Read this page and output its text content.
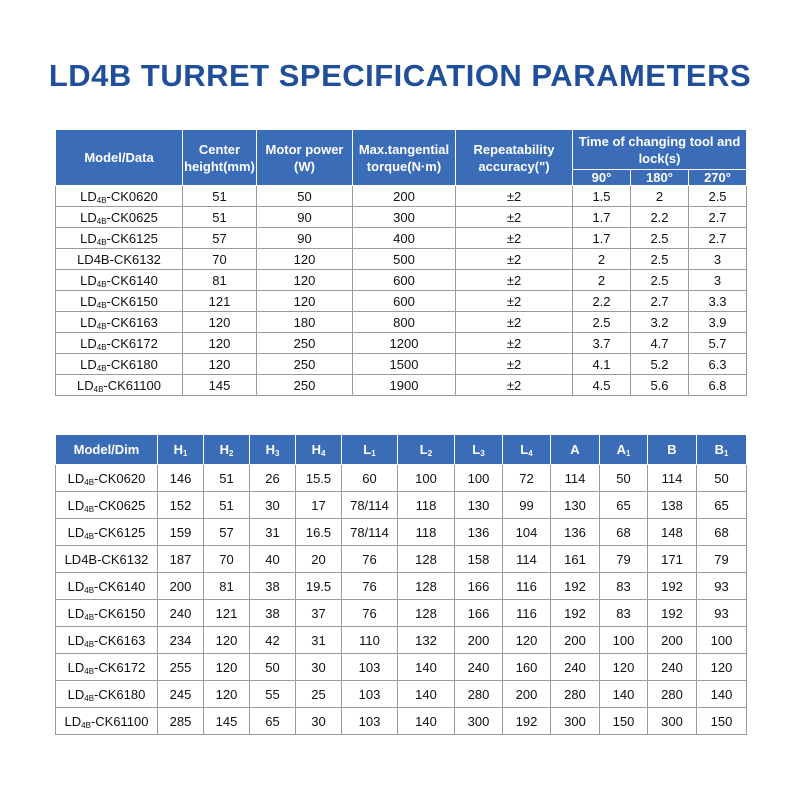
LD4B TURRET SPECIFICATION PARAMETERS
Model/Data	Center height(mm)	Motor power (W)	Max.tangential torque(N·m)	Repeatability accuracy(")	Time of changing tool and lock(s)		
					90°	180°	270°
$LD_{4B}-CK0620$	51	50	200	±2	1.5	2	2.5
$LD_{4B}-CK0625$	51	90	300	±2	1.7	2.2	2.7
$LD_{4B}-CK6125$	57	90	400	±2	1.7	2.5	2.7
LD4B-CK6132	70	120	500	±2	2	2.5	3
$LD_{4B}-CK6140$	81	120	600	±2	2	2.5	3
$LD_{4B}-CK6150$	121	120	600	±2	2.2	2.7	3.3
$LD_{4B}-CK6163$	120	180	800	±2	2.5	3.2	3.9
$LD_{4B}-CK6172$	120	250	1200	±2	3.7	4.7	5.7
$LD_{4B}-CK6180$	120	250	1500	±2	4.1	5.2	6.3
$LD_{4B}-CK61100$	145	250	1900	±2	4.5	5.6	6.8
Model/Dim	$H_1$	$H_2$	$H_3$	$H_4$	$L_1$	$L_2$	$L_3$	$L_4$	A	$A_1$	B	$B_1$
$LD_{4B}-CK0620$	146	51	26	15.5	60	100	100	72	114	50	114	50
$LD_{4B}-CK0625$	152	51	30	17	78/114	118	130	99	130	65	138	65
$LD_{4B}-CK6125$	159	57	31	16.5	78/114	118	136	104	136	68	148	68
LD4B-CK6132	187	70	40	20	76	128	158	114	161	79	171	79
$LD_{4B}-CK6140$	200	81	38	19.5	76	128	166	116	192	83	192	93
$LD_{4B}-CK6150$	240	121	38	37	76	128	166	116	192	83	192	93
$LD_{4B}-CK6163$	234	120	42	31	110	132	200	120	200	100	200	100
$LD_{4B}-CK6172$	255	120	50	30	103	140	240	160	240	120	240	120
$LD_{4B}-CK6180$	245	120	55	25	103	140	280	200	280	140	280	140
$LD_{4B}-CK61100$	285	145	65	30	103	140	300	192	300	150	300	150
